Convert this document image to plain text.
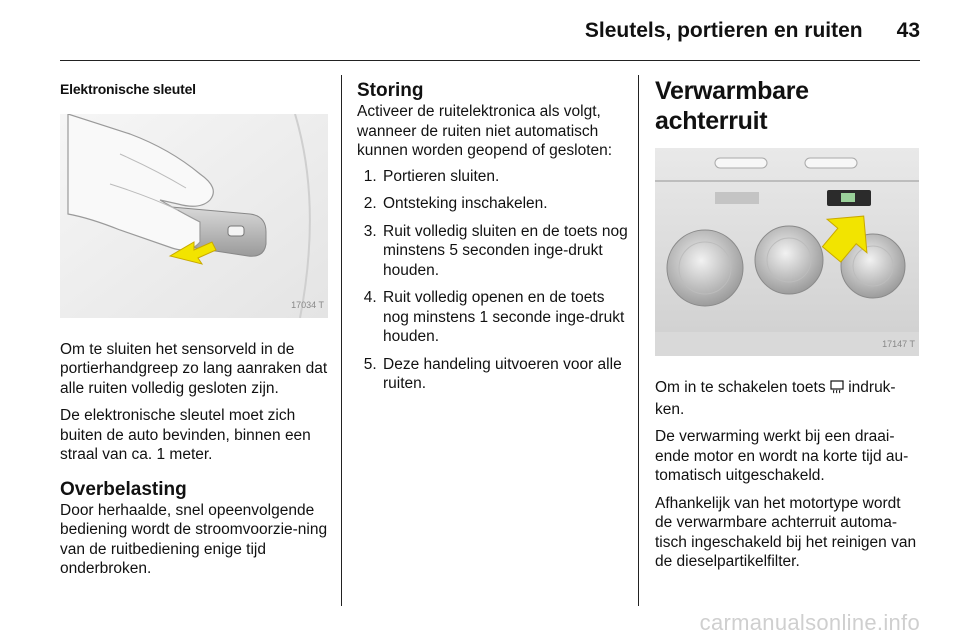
Sleutels, portieren en ruiten 43
Elektronische sleutel
17034 T

Om te sluiten het sensorveld in de portierhandgreep zo lang aanraken dat alle ruiten volledig gesloten zijn.

De elektronische sleutel moet zich buiten de auto bevinden, binnen een straal van ca. 1 meter.

Overbelasting

Door herhaalde, snel opeenvolgende bediening wordt de stroomvoorzie-ning van de ruitbediening enige tijd onderbroken.

Storing

Activeer de ruitelektronica als volgt, wanneer de ruiten niet automatisch kunnen worden geopend of gesloten:

1. Portieren sluiten.
2. Ontsteking inschakelen.
3. Ruit volledig sluiten en de toets nog minstens 5 seconden inge-drukt houden.
4. Ruit volledig openen en de toets nog minstens 1 seconde inge-drukt houden.
5. Deze handeling uitvoeren voor alle ruiten.
Verwarmbare achterruit
17147 T

Om in te schakelen toets indruk-ken.

De verwarming werkt bij een draai-ende motor en wordt na korte tijd au-tomatisch uitgeschakeld.

Afhankelijk van het motortype wordt de verwarmbare achterruit automa-tisch ingeschakeld bij het reinigen van de dieselpartikelfilter.

carmanualsonline.info
